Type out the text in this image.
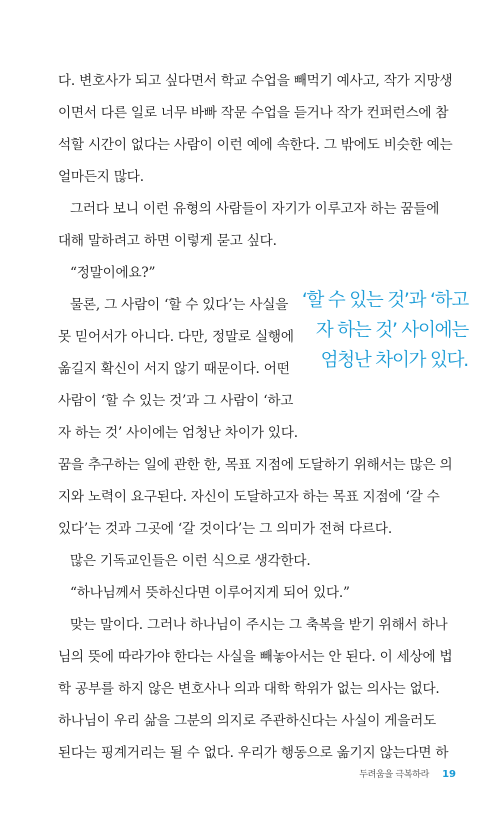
다. 변호사가 되고 싶다면서 학교 수업을 빼먹기 예사고, 작가 지망생
이면서 다른 일로 너무 바빠 작문 수업을 듣거나 작가 컨퍼런스에 참
석할 시간이 없다는 사람이 이런 예에 속한다. 그 밖에도 비슷한 예는
얼마든지 많다.
그러다 보니 이런 유형의 사람들이 자기가 이루고자 하는 꿈들에
대해 말하려고 하면 이렇게 묻고 싶다.
“정말이에요?”
물론, 그 사람이 ‘할 수 있다’는 사실을
못 믿어서가 아니다. 다만, 정말로 실행에
옮길지 확신이 서지 않기 때문이다. 어떤
사람이 ‘할 수 있는 것’과 그 사람이 ‘하고
자 하는 것’ 사이에는 엄청난 차이가 있다.
꿈을 추구하는 일에 관한 한, 목표 지점에 도달하기 위해서는 많은 의
지와 노력이 요구된다. 자신이 도달하고자 하는 목표 지점에 ‘갈 수
있다’는 것과 그곳에 ‘갈 것이다’는 그 의미가 전혀 다르다.
많은 기독교인들은 이런 식으로 생각한다.
“하나님께서 뜻하신다면 이루어지게 되어 있다.”
맞는 말이다. 그러나 하나님이 주시는 그 축복을 받기 위해서 하나
님의 뜻에 따라가야 한다는 사실을 빼놓아서는 안 된다. 이 세상에 법
학 공부를 하지 않은 변호사나 의과 대학 학위가 없는 의사는 없다.
하나님이 우리 삶을 그분의 의지로 주관하신다는 사실이 게을러도
된다는 핑계거리는 될 수 없다. 우리가 행동으로 옮기지 않는다면 하
‘할 수 있는 것’과 ‘하고
자 하는 것’ 사이에는
엄청난 차이가 있다.
두려움을 극복하라 19
